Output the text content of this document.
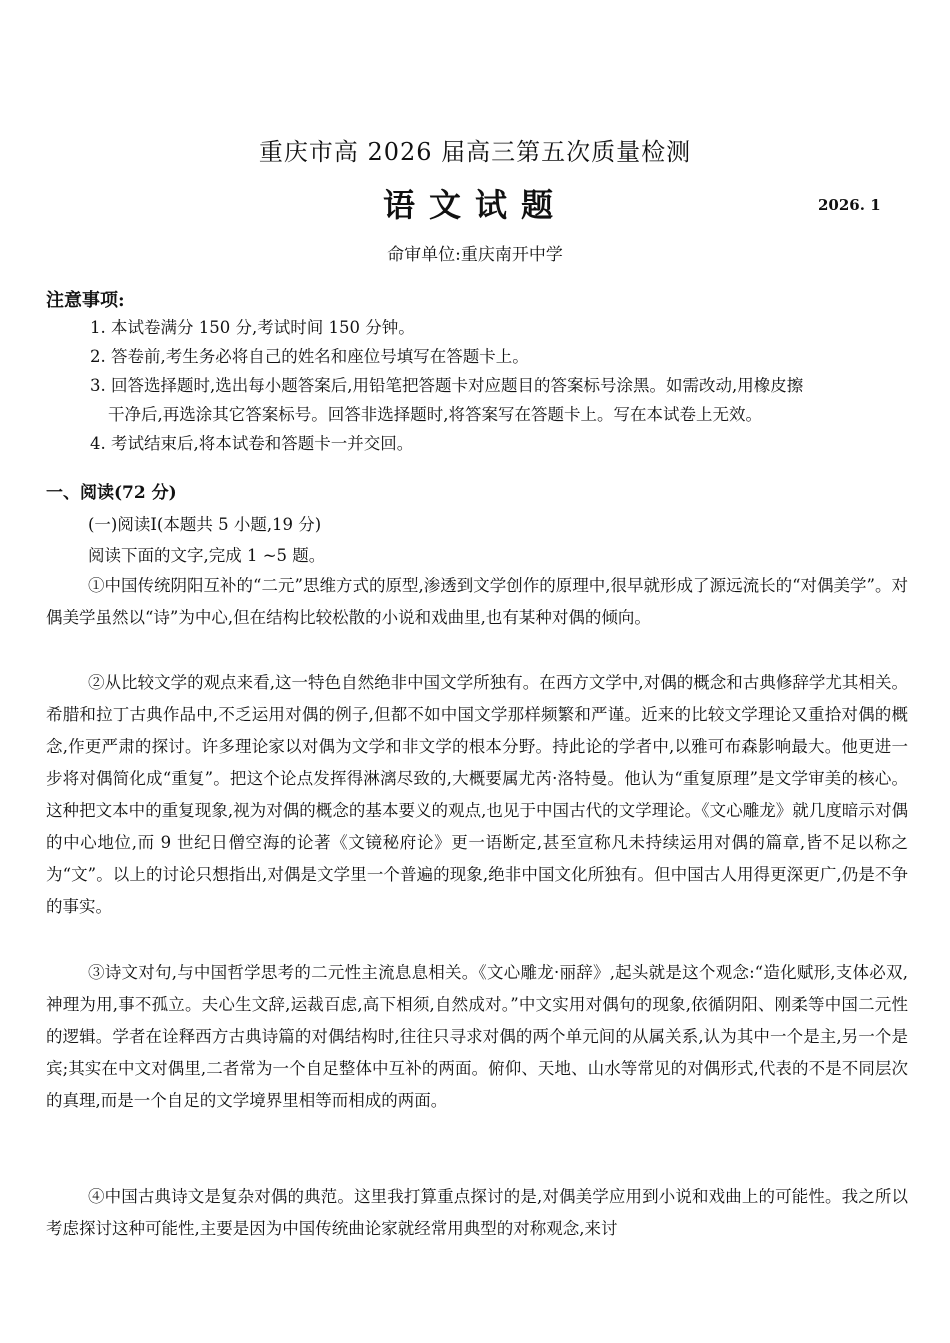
重庆市高 2026 届高三第五次质量检测
语文试题	2026. 1
命审单位:重庆南开中学
注意事项:
1. 本试卷满分 150 分,考试时间 150 分钟。
2. 答卷前,考生务必将自己的姓名和座位号填写在答题卡上。
3. 回答选择题时,选出每小题答案后,用铅笔把答题卡对应题目的答案标号涂黑。如需改动,用橡皮擦
干净后,再选涂其它答案标号。回答非选择题时,将答案写在答题卡上。写在本试卷上无效。
4. 考试结束后,将本试卷和答题卡一并交回。
一、阅读(72 分)
(一)阅读Ⅰ(本题共 5 小题,19 分)
阅读下面的文字,完成 1 ~5 题。
①中国传统阴阳互补的“二元”思维方式的原型,渗透到文学创作的原理中,很早就形成了源远流长的“对偶美学”。对偶美学虽然以“诗”为中心,但在结构比较松散的小说和戏曲里,也有某种对偶的倾向。
②从比较文学的观点来看,这一特色自然绝非中国文学所独有。在西方文学中,对偶的概念和古典修辞学尤其相关。希腊和拉丁古典作品中,不乏运用对偶的例子,但都不如中国文学那样频繁和严谨。近来的比较文学理论又重拾对偶的概念,作更严肃的探讨。许多理论家以对偶为文学和非文学的根本分野。持此论的学者中,以雅可布森影响最大。他更进一步将对偶简化成“重复”。把这个论点发挥得淋漓尽致的,大概要属尤芮·洛特曼。他认为“重复原理”是文学审美的核心。这种把文本中的重复现象,视为对偶的概念的基本要义的观点,也见于中国古代的文学理论。《文心雕龙》就几度暗示对偶的中心地位,而 9 世纪日僧空海的论著《文镜秘府论》更一语断定,甚至宣称凡未持续运用对偶的篇章,皆不足以称之为“文”。以上的讨论只想指出,对偶是文学里一个普遍的现象,绝非中国文化所独有。但中国古人用得更深更广,仍是不争的事实。
③诗文对句,与中国哲学思考的二元性主流息息相关。《文心雕龙·丽辞》,起头就是这个观念:“造化赋形,支体必双,神理为用,事不孤立。夫心生文辞,运裁百虑,高下相须,自然成对。”中文实用对偶句的现象,依循阴阳、刚柔等中国二元性的逻辑。学者在诠释西方古典诗篇的对偶结构时,往往只寻求对偶的两个单元间的从属关系,认为其中一个是主,另一个是宾;其实在中文对偶里,二者常为一个自足整体中互补的两面。俯仰、天地、山水等常见的对偶形式,代表的不是不同层次的真理,而是一个自足的文学境界里相等而相成的两面。
④中国古典诗文是复杂对偶的典范。这里我打算重点探讨的是,对偶美学应用到小说和戏曲上的可能性。我之所以考虑探讨这种可能性,主要是因为中国传统曲论家就经常用典型的对称观念,来讨
